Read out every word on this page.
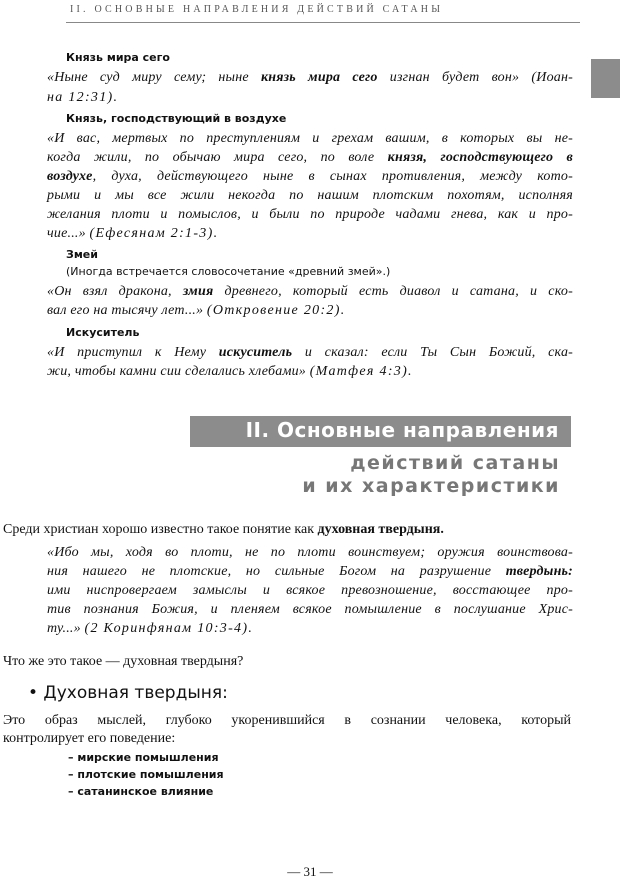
II. ОСНОВНЫЕ НАПРАВЛЕНИЯ ДЕЙСТВИЙ САТАНЫ
Князь мира сего
«Ныне суд миру сему; ныне князь мира сего изгнан будет вон» (Иоан-
на 12:31).
Князь, господствующий в воздухе
«И вас, мертвых по преступлениям и грехам вашим, в которых вы не-
когда жили, по обычаю мира сего, по воле князя, господствующего в
воздухе, духа, действующего ныне в сынах противления, между кото-
рыми и мы все жили некогда по нашим плотским похотям, исполняя
желания плоти и помыслов, и были по природе чадами гнева, как и про-
чие...» (Ефесянам 2:1-3).
Змей
(Иногда встречается словосочетание «древний змей».)
«Он взял дракона, змия древнего, который есть диавол и сатана, и ско-
вал его на тысячу лет...» (Откровение 20:2).
Искуситель
«И приступил к Нему искуситель и сказал: если Ты Сын Божий, ска-
жи, чтобы камни сии сделались хлебами» (Матфея 4:3).
II. Основные направления
действий сатаны
и их характеристики
Среди христиан хорошо известно такое понятие как духовная твердыня.
«Ибо мы, ходя во плоти, не по плоти воинствуем; оружия воинствова-
ния нашего не плотские, но сильные Богом на разрушение твердынь:
ими ниспровергаем замыслы и всякое превозношение, восстающее про-
тив познания Божия, и пленяем всякое помышление в послушание Хрис-
ту...» (2 Коринфянам 10:3-4).
Что же это такое — духовная твердыня?
• Духовная твердыня:
Это образ мыслей, глубоко укоренившийся в сознании человека, который
контролирует его поведение:
– мирские помышления
– плотские помышления
– сатанинское влияние
— 31 —
